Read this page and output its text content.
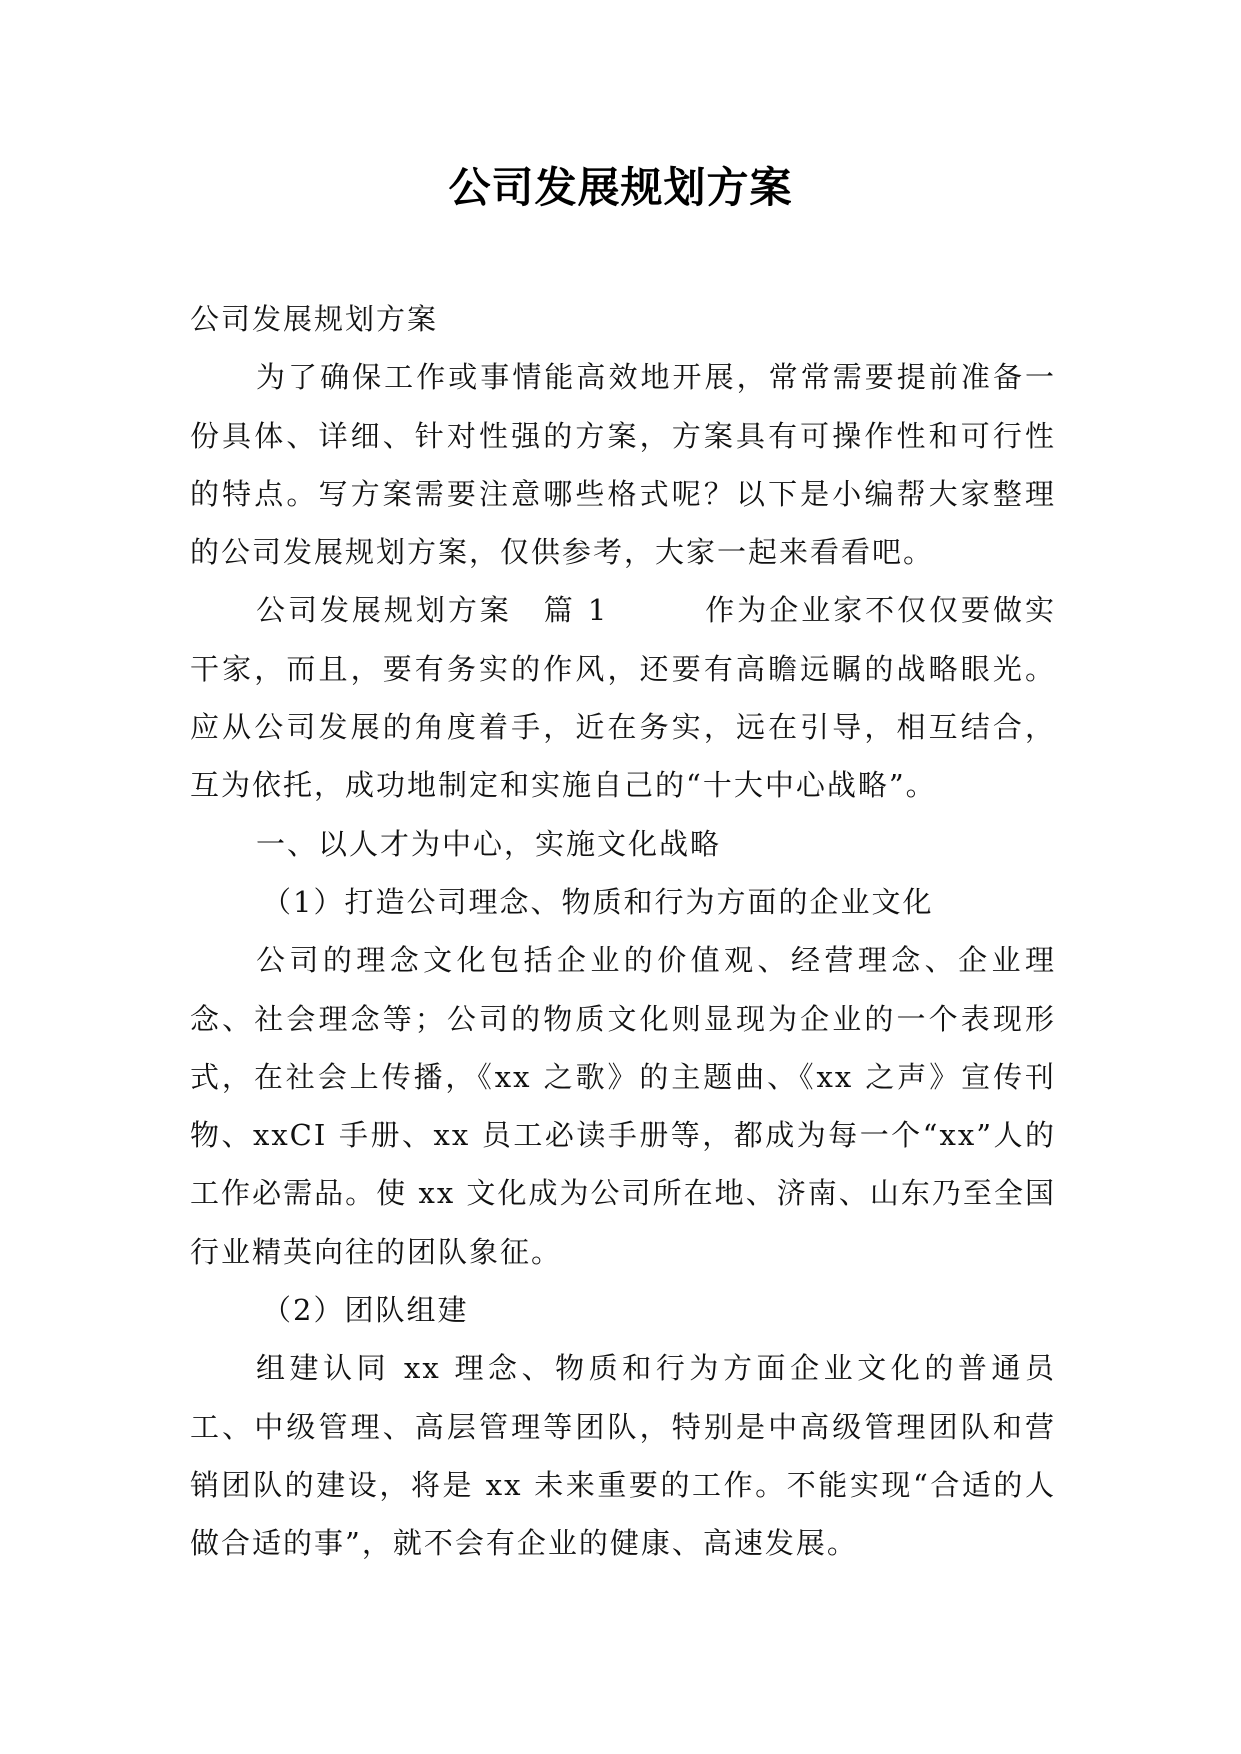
公司发展规划方案

公司发展规划方案

为了确保工作或事情能高效地开展，常常需要提前准备一份具体、详细、针对性强的方案，方案具有可操作性和可行性的特点。写方案需要注意哪些格式呢？以下是小编帮大家整理的公司发展规划方案，仅供参考，大家一起来看看吧。

公司发展规划方案　篇 1　　　作为企业家不仅仅要做实干家，而且，要有务实的作风，还要有高瞻远瞩的战略眼光。应从公司发展的角度着手，近在务实，远在引导，相互结合，互为依托，成功地制定和实施自己的“十大中心战略”。

一、以人才为中心，实施文化战略

（1）打造公司理念、物质和行为方面的企业文化

公司的理念文化包括企业的价值观、经营理念、企业理念、社会理念等；公司的物质文化则显现为企业的一个表现形式，在社会上传播，《xx 之歌》的主题曲、《xx 之声》宣传刊物、xxCI 手册、xx 员工必读手册等，都成为每一个“xx”人的工作必需品。使 xx 文化成为公司所在地、济南、山东乃至全国行业精英向往的团队象征。

（2）团队组建

组建认同 xx 理念、物质和行为方面企业文化的普通员工、中级管理、高层管理等团队，特别是中高级管理团队和营销团队的建设，将是 xx 未来重要的工作。不能实现“合适的人做合适的事”，就不会有企业的健康、高速发展。
